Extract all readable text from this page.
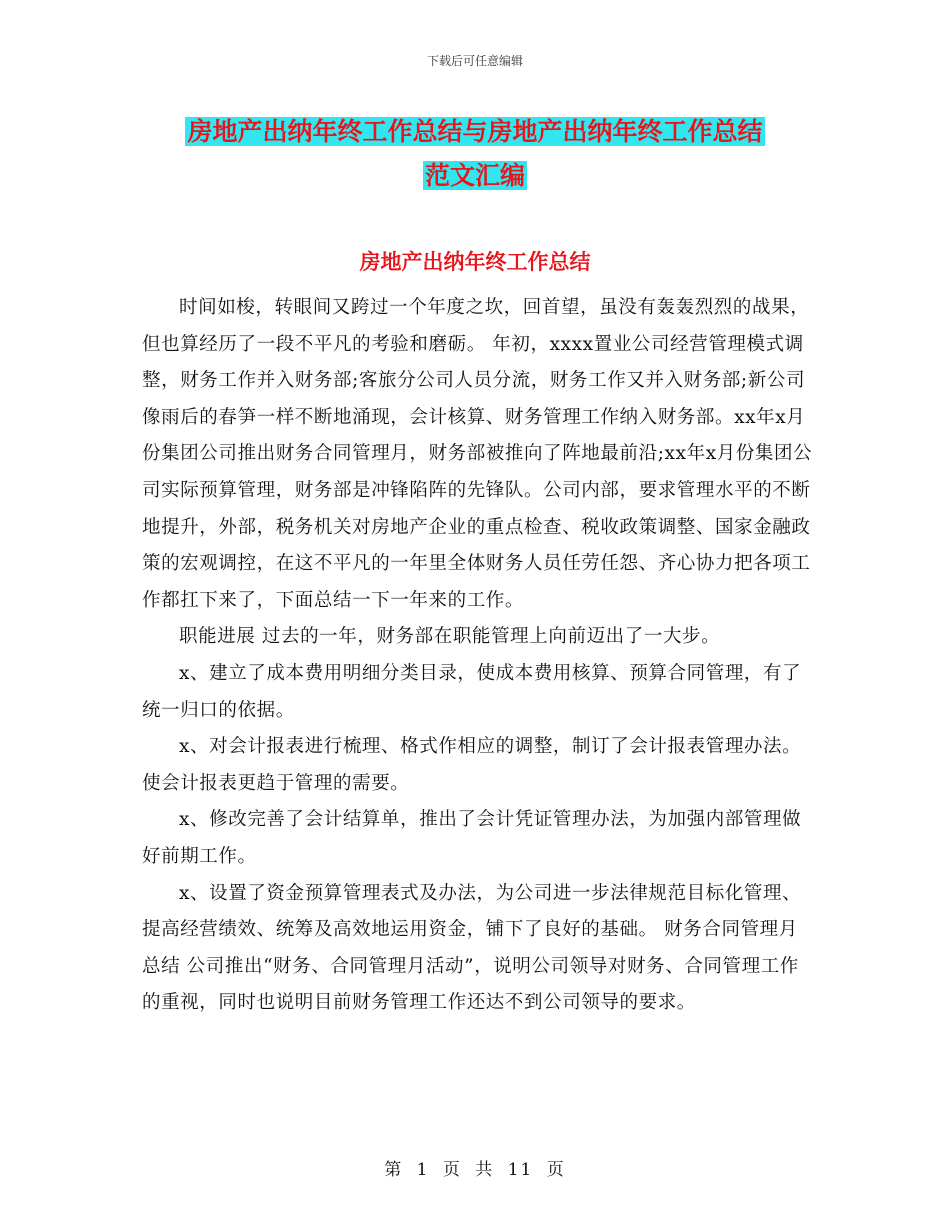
下载后可任意编辑
房地产出纳年终工作总结与房地产出纳年终工作总结
范文汇编
房地产出纳年终工作总结

时间如梭，转眼间又跨过一个年度之坎，回首望，虽没有轰轰烈烈的战果，但也算经历了一段不平凡的考验和磨砺。 年初，xxxx置业公司经营管理模式调整，财务工作并入财务部;客旅分公司人员分流，财务工作又并入财务部;新公司像雨后的春笋一样不断地涌现，会计核算、财务管理工作纳入财务部。xx年x月份集团公司推出财务合同管理月，财务部被推向了阵地最前沿;xx年x月份集团公司实际预算管理，财务部是冲锋陷阵的先锋队。公司内部，要求管理水平的不断地提升，外部，税务机关对房地产企业的重点检查、税收政策调整、国家金融政策的宏观调控，在这不平凡的一年里全体财务人员任劳任怨、齐心协力把各项工作都扛下来了，下面总结一下一年来的工作。

职能进展 过去的一年，财务部在职能管理上向前迈出了一大步。

x、建立了成本费用明细分类目录，使成本费用核算、预算合同管理，有了统一归口的依据。

x、对会计报表进行梳理、格式作相应的调整，制订了会计报表管理办法。使会计报表更趋于管理的需要。

x、修改完善了会计结算单，推出了会计凭证管理办法，为加强内部管理做好前期工作。

x、设置了资金预算管理表式及办法，为公司进一步法律规范目标化管理、提高经营绩效、统筹及高效地运用资金，铺下了良好的基础。 财务合同管理月总结 公司推出“财务、合同管理月活动”，说明公司领导对财务、合同管理工作的重视，同时也说明目前财务管理工作还达不到公司领导的要求。

第 1 页 共 11 页
